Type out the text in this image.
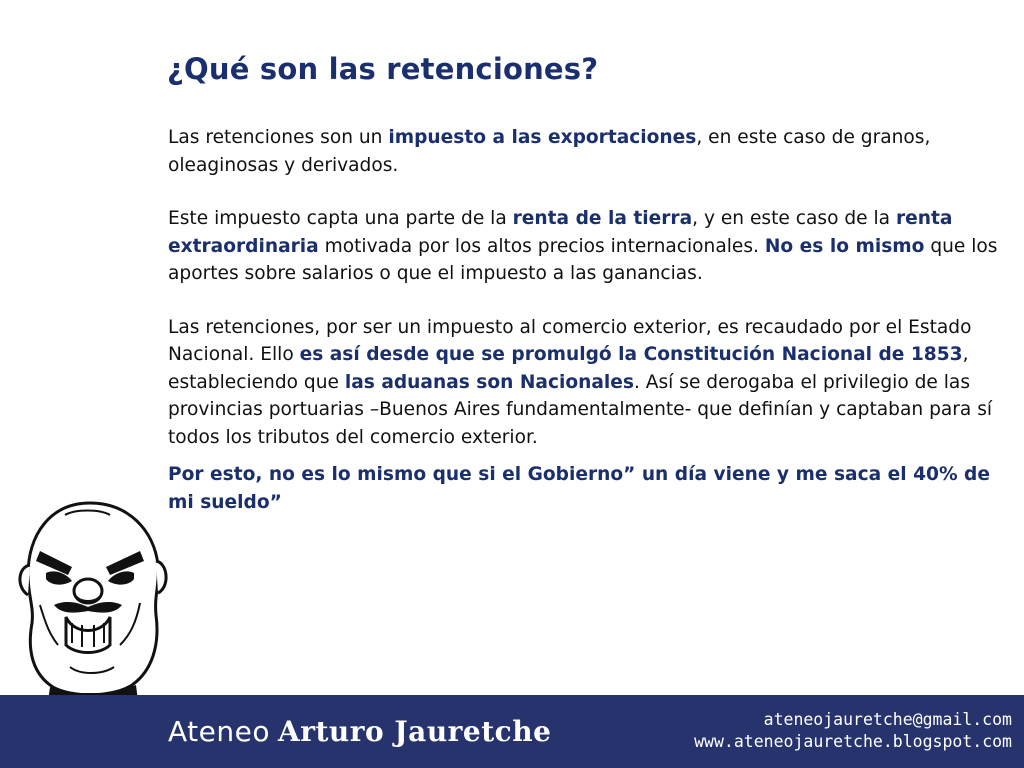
¿Qué son las retenciones?

Las retenciones son un impuesto a las exportaciones, en este caso de granos, oleaginosas y derivados.

Este impuesto capta una parte de la renta de la tierra, y en este caso de la renta extraordinaria motivada por los altos precios internacionales. No es lo mismo que los aportes sobre salarios o que el impuesto a las ganancias.

Las retenciones, por ser un impuesto al comercio exterior, es recaudado por el Estado Nacional. Ello es así desde que se promulgó la Constitución Nacional de 1853, estableciendo que las aduanas son Nacionales. Así se derogaba el privilegio de las provincias portuarias –Buenos Aires fundamentalmente- que definían y captaban para sí todos los tributos del comercio exterior.

Por esto, no es lo mismo que si el Gobierno” un día viene y me saca el 40% de mi sueldo”

Ateneo Arturo Jauretche	ateneojauretche@gmail.com
www.ateneojauretche.blogspot.com
